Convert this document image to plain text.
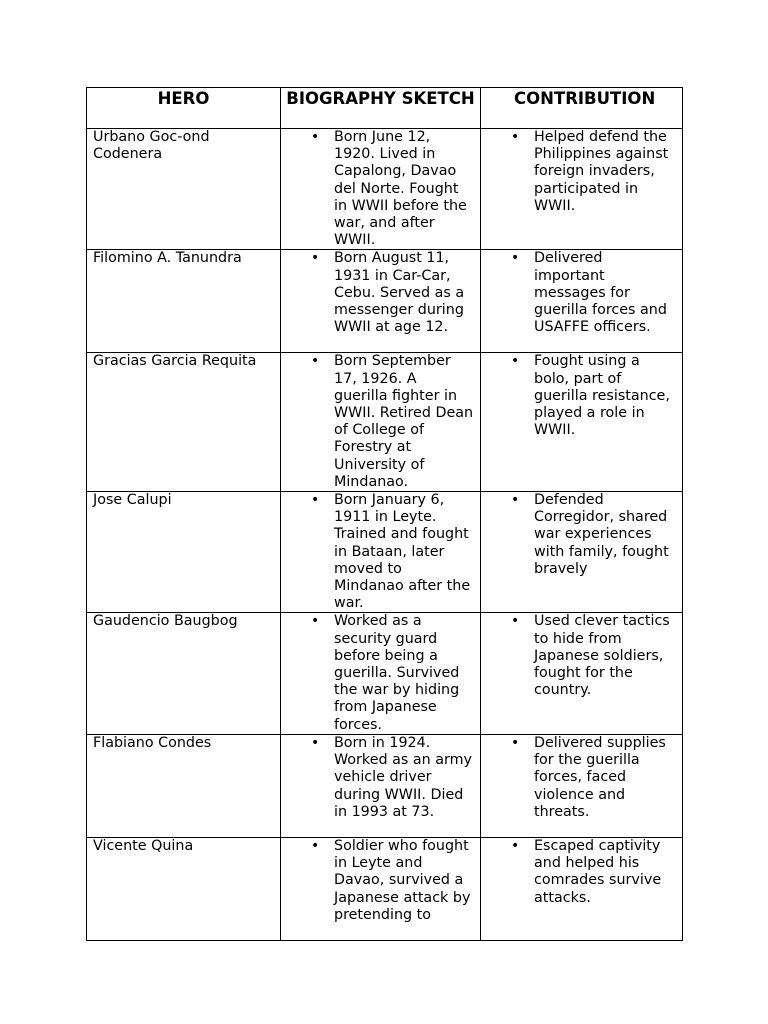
HERO	BIOGRAPHY SKETCH	CONTRIBUTION
Urbano Goc-ond Codenera	• Born June 12, 1920. Lived in Capalong, Davao del Norte. Fought in WWII before the war, and after WWII.	• Helped defend the Philippines against foreign invaders, participated in WWII.

Filomino A. Tanundra	• Born August 11, 1931 in Car-Car, Cebu. Served as a messenger during WWII at age 12.	• Delivered important messages for guerilla forces and USAFFE officers.

Gracias Garcia Requita	• Born September 17, 1926. A guerilla fighter in WWII. Retired Dean of College of Forestry at University of Mindanao.	• Fought using a bolo, part of guerilla resistance, played a role in WWII.

Jose Calupi	• Born January 6, 1911 in Leyte. Trained and fought in Bataan, later moved to Mindanao after the war.	• Defended Corregidor, shared war experiences with family, fought bravely

Gaudencio Baugbog	• Worked as a security guard before being a guerilla. Survived the war by hiding from Japanese forces.	• Used clever tactics to hide from Japanese soldiers, fought for the country.

Flabiano Condes	• Born in 1924. Worked as an army vehicle driver during WWII. Died in 1993 at 73.	• Delivered supplies for the guerilla forces, faced violence and threats.

Vicente Quina	• Soldier who fought in Leyte and Davao, survived a Japanese attack by pretending to	• Escaped captivity and helped his comrades survive attacks.
